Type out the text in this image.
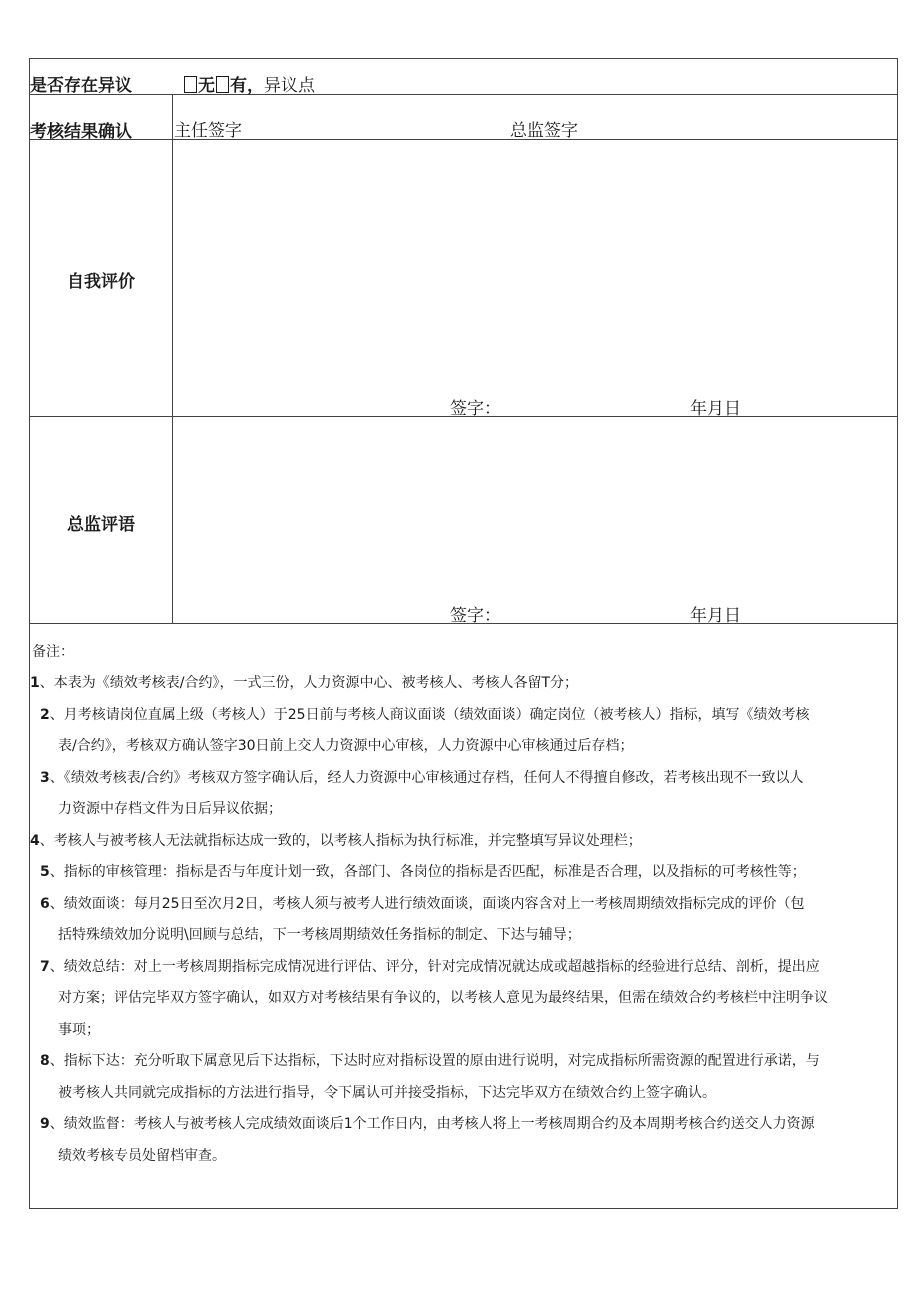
是否存在异议	无 有，异议点
考核结果确认 主任签字	总监签字
自我评价
签字：	年月日
总监评语
签字：	年月日
备注：
1、本表为《绩效考核表/合约》，一式三份，人力资源中心、被考核人、考核人各留T分；
2、月考核请岗位直属上级（考核人）于25日前与考核人商议面谈（绩效面谈）确定岗位（被考核人）指标，填写《绩效考核
表/合约》，考核双方确认签字30日前上交人力资源中心审核，人力资源中心审核通过后存档；
3、《绩效考核表/合约》考核双方签字确认后，经人力资源中心审核通过存档，任何人不得擅自修改，若考核出现不一致以人
力资源中存档文件为日后异议依据；
4、考核人与被考核人无法就指标达成一致的，以考核人指标为执行标准，并完整填写异议处理栏；
5、指标的审核管理：指标是否与年度计划一致，各部门、各岗位的指标是否匹配，标准是否合理，以及指标的可考核性等；
6、绩效面谈：每月25日至次月2日，考核人须与被考人进行绩效面谈，面谈内容含对上一考核周期绩效指标完成的评价（包
括特殊绩效加分说明\回顾与总结，下一考核周期绩效任务指标的制定、下达与辅导；
7、绩效总结：对上一考核周期指标完成情况进行评估、评分，针对完成情况就达成或超越指标的经验进行总结、剖析，提出应
对方案；评估完毕双方签字确认，如双方对考核结果有争议的，以考核人意见为最终结果，但需在绩效合约考核栏中注明争议
事项；
8、指标下达：充分听取下属意见后下达指标，下达时应对指标设置的原由进行说明，对完成指标所需资源的配置进行承诺，与
被考核人共同就完成指标的方法进行指导，令下属认可并接受指标，下达完毕双方在绩效合约上签字确认。
9、绩效监督：考核人与被考核人完成绩效面谈后1个工作日内，由考核人将上一考核周期合约及本周期考核合约送交人力资源
绩效考核专员处留档审查。
